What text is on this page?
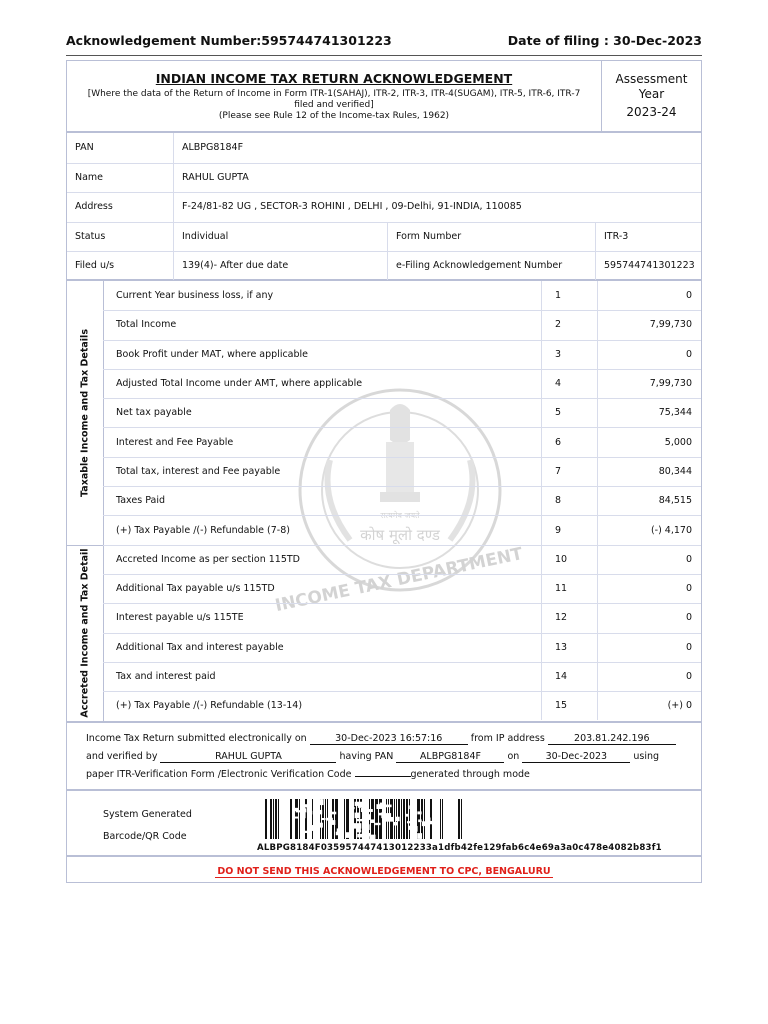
Acknowledgement Number:595744741301223	Date of filing : 30-Dec-2023
सत्यमेव जयते
कोष मूलो दण्ड
INCOME TAX DEPARTMENT
INDIAN INCOME TAX RETURN ACKNOWLEDGEMENT
[Where the data of the Return of Income in Form ITR-1(SAHAJ), ITR-2, ITR-3, ITR-4(SUGAM), ITR-5, ITR-6, ITR-7
filed and verified]
(Please see Rule 12 of the Income-tax Rules, 1962)
Assessment
Year
2023-24
PAN	ALBPG8184F
Name	RAHUL GUPTA
Address	F-24/81-82 UG , SECTOR-3 ROHINI , DELHI , 09-Delhi, 91-INDIA, 110085
Status	Individual	Form Number	ITR-3
Filed u/s	139(4)- After due date	e-Filing Acknowledgement Number	595744741301223
Taxable Income and Tax Details
Accreted Income and Tax Detail
Current Year business loss, if any	1	0
Total Income	2	7,99,730
Book Profit under MAT, where applicable	3	0
Adjusted Total Income under AMT, where applicable	4	7,99,730
Net tax payable	5	75,344
Interest and Fee Payable	6	5,000
Total tax, interest and Fee payable	7	80,344
Taxes Paid	8	84,515
(+) Tax Payable /(-) Refundable (7-8)	9	(-) 4,170
Accreted Income as per section 115TD	10	0
Additional Tax payable u/s 115TD	11	0
Interest payable u/s 115TE	12	0
Additional Tax and interest payable	13	0
Tax and interest paid	14	0
(+) Tax Payable /(-) Refundable (13-14)	15	(+) 0
Income Tax Return submitted electronically on	30-Dec-2023 16:57:16	from IP address	203.81.242.196
and verified by	RAHUL GUPTA	having PAN	ALBPG8184F	on	30-Dec-2023	using
paper ITR-Verification Form /Electronic Verification Code	generated through mode
System Generated
Barcode/QR Code
ALBPG8184F035957447413012233a1dfb42fe129fab6c4e69a3a0c478e4082b83f1
DO NOT SEND THIS ACKNOWLEDGEMENT TO CPC, BENGALURU
